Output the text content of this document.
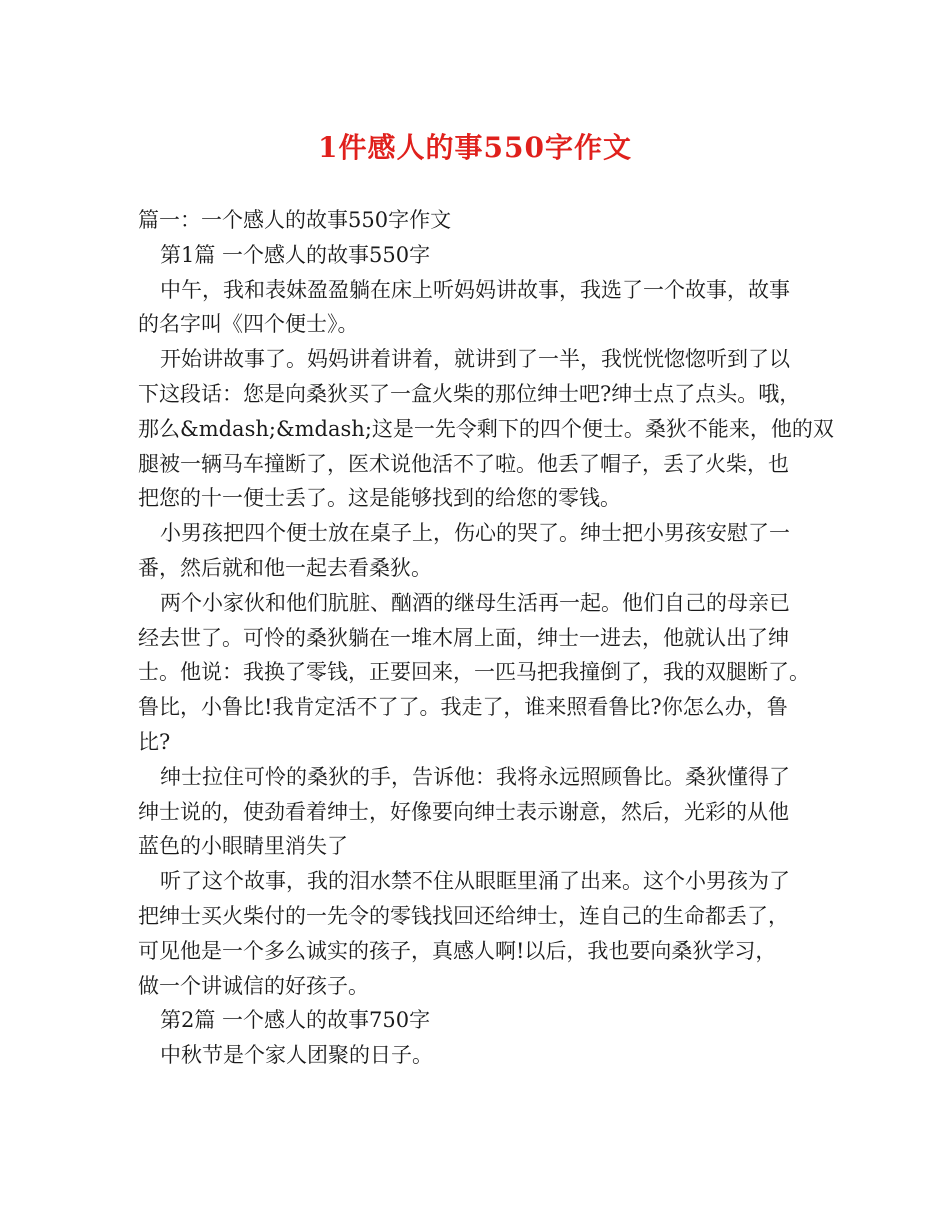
1件感人的事550字作文
篇一：一个感人的故事550字作文
第1篇 一个感人的故事550字
中午，我和表妹盈盈躺在床上听妈妈讲故事，我选了一个故事，故事
的名字叫《四个便士》。
开始讲故事了。妈妈讲着讲着，就讲到了一半，我恍恍惚惚听到了以
下这段话：您是向桑狄买了一盒火柴的那位绅士吧?绅士点了点头。哦，
那么&mdash;&mdash;这是一先令剩下的四个便士。桑狄不能来，他的双
腿被一辆马车撞断了，医术说他活不了啦。他丢了帽子，丢了火柴，也
把您的十一便士丢了。这是能够找到的给您的零钱。
小男孩把四个便士放在桌子上，伤心的哭了。绅士把小男孩安慰了一
番，然后就和他一起去看桑狄。
两个小家伙和他们肮脏、酗酒的继母生活再一起。他们自己的母亲已
经去世了。可怜的桑狄躺在一堆木屑上面，绅士一进去，他就认出了绅
士。他说：我换了零钱，正要回来，一匹马把我撞倒了，我的双腿断了。
鲁比，小鲁比!我肯定活不了了。我走了，谁来照看鲁比?你怎么办，鲁
比?
绅士拉住可怜的桑狄的手，告诉他：我将永远照顾鲁比。桑狄懂得了
绅士说的，使劲看着绅士，好像要向绅士表示谢意，然后，光彩的从他
蓝色的小眼睛里消失了
听了这个故事，我的泪水禁不住从眼眶里涌了出来。这个小男孩为了
把绅士买火柴付的一先令的零钱找回还给绅士，连自己的生命都丢了，
可见他是一个多么诚实的孩子，真感人啊!以后，我也要向桑狄学习，
做一个讲诚信的好孩子。
第2篇 一个感人的故事750字
中秋节是个家人团聚的日子。
